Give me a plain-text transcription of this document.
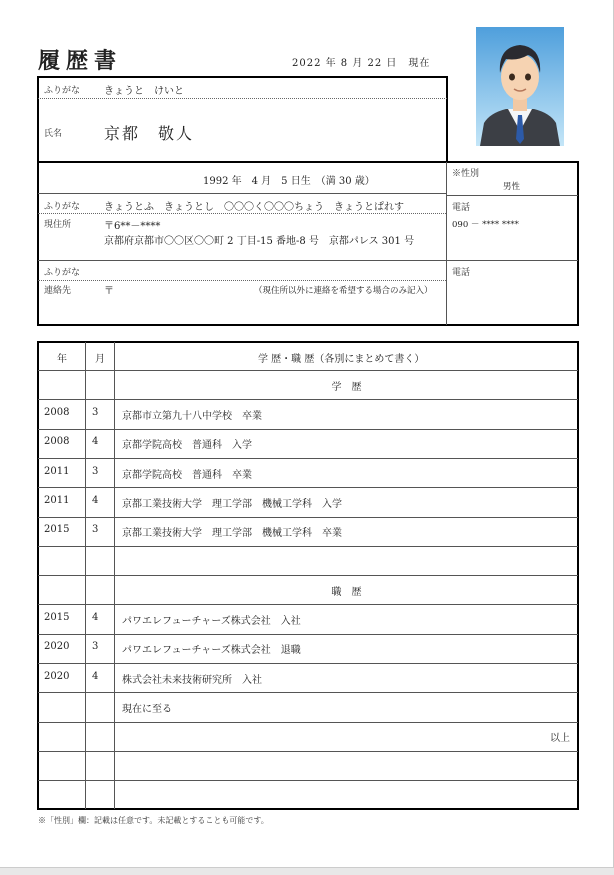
履歴書	2022 年 8 月 22 日　現在
ふりがな きょうと　けいと
氏名	京都　敬人
1992 年　4 月　5 日生　（満 30 歳）
※性別
男性
ふりがな きょうとふ　きょうとし　〇〇〇く〇〇〇ちょう　きょうとぱれす
現住所	〒6**－****
京都府京都市〇〇区〇〇町 2 丁目-15 番地-8 号　京都パレス 301 号
電話
090 － **** ****
ふりがな
連絡先	〒	（現住所以外に連絡を希望する場合のみ記入）
電話
年	月	学 歴・職 歴（各別にまとめて書く）
学　歴
2008 3 京都市立第九十八中学校　卒業
2008 4 京都学院高校　普通科　入学
2011 3 京都学院高校　普通科　卒業
2011 4 京都工業技術大学　理工学部　機械工学科　入学
2015 3 京都工業技術大学　理工学部　機械工学科　卒業
職　歴
2015 4 パワエレフューチャーズ株式会社　入社
2020 3 パワエレフューチャーズ株式会社　退職
2020 4 株式会社未来技術研究所　入社
現在に至る
以上
※「性別」欄：記載は任意です。未記載とすることも可能です。
